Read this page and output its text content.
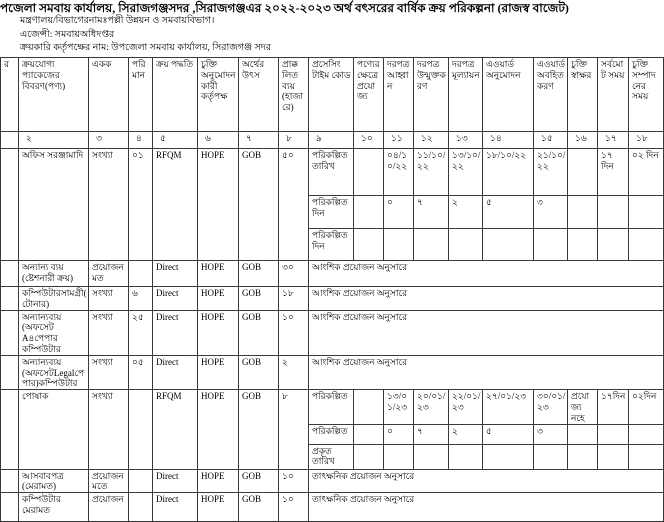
পজেলা সমবায় কার্যালয়, সিরাজগঞ্জসদর ,সিরাজগঞ্জএর ২০২২-২০২৩ অর্থ বৎসরের বার্ষিক ক্রয় পরিকল্পনা (রাজস্ব বাজেট)
মন্ত্রণালয়/বিভাগেরনামঃপল্লী উন্নয়ন ও সমবায়বিভাগ।
এজেন্সী: সমবায়অধিদপ্তর
ক্রয়কারি কর্তৃপক্ষের নাম: উপজেলা সমবায় কার্যালয়, সিরাজগঞ্জ সদর
র	ক্রয়যোগ্য প্যাকেজের বিবরণ(পণ্য)	একক	পরিমান	ক্রয় পদ্ধতি	চুক্তি অনুমোদন কারী কর্তৃপক্ষ	অর্থের উৎস	প্রাক্কলিত ব্যয় (হাজারে)	প্রসেসিং টাইম কোড	পণ্যের ক্ষেত্রে প্রযোজ্য	দরপত্র আহ্বান	দরপত্র উন্মুক্তকরণ	দরপত্র মূল্যায়ন	এওয়ার্ড অনুমোদন	এওয়ার্ড অবহিতকরণ	চুক্তি স্বাক্ষর	সর্বমোট সময়	চুক্তি সম্পাদনের সময়
	২	৩	৪	৫	৬	৭	৮	৯	১০	১১	১২	১৩	১৪	১৫	১৬	১৭	১৮
	অফিস সরঞ্জামাদি	সংখ্যা	০১	RFQM	HOPE	GOB	৫০	পরিকল্পিত তারিখ		০৪/১০/২২	১১/১০/২২	১৩/১০/২২	১৮/১০/২২	২১/১০/২২		১৭ দিন	০২ দিন
								পরিকল্পিত দিন		০	৭	২	৫	৩			
								পরিকল্পিত দিন									
	অন্যান্য ব্যয় (ষ্টেশনারী ক্রয়)	প্রয়োজনমত		Direct	HOPE	GOB	৩০	আংশিক প্রয়োজন অনুসারে									
	কম্পিউটারসামগ্রী( টোনার)	সংখ্যা	৬	Direct	HOPE	GOB	১৮	আংশিক প্রয়োজন অনুসারে									
	অন্যান্যব্যয় (অফসেট A৪পেপার কম্পিউটার	সংখ্যা	২৫	Direct	HOPE	GOB	১০	আংশিক প্রয়োজন অনুসারে									
	অন্যান্যব্যয় (অফসেটLegalপেপার)কম্পিউটার	সংখ্যা	০৫	Direct	HOPE	GOB	২	আংশিক প্রয়োজন অনুসারে									
	পোষাক	সংখ্যা		RFQM	HOPE	GOB	৮	পরিকল্পিত		১৩/০১/২৩	২০/০১/২৩	২২/০১/২৩	২৭/০১/২৩	৩০/০১/২৩	প্রযোজ্য নহে	১৭দিন	০২দিন
								পরিকল্পিত		০	৭	২	৫	৩			
								প্রকৃত তারিখ									
	আসবাবপত্র (মেরামত)	প্রয়োজন মতে		Direct	HOPE	GOB	১০	তাৎক্ষনিক প্রয়োজন অনুসারে									
	কম্পিউটার মেরামত	প্রয়োজন		Direct	HOPE	GOB	১০	তাৎক্ষনিক প্রয়োজন অনুসারে									
